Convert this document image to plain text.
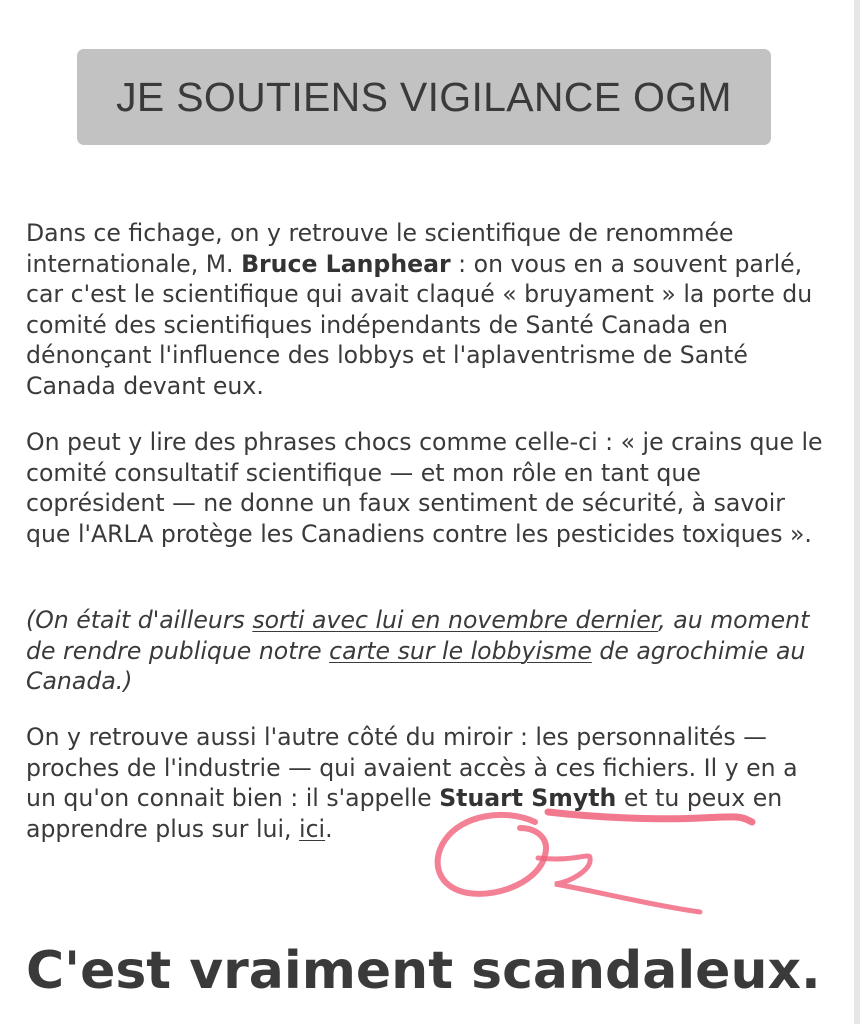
JE SOUTIENS VIGILANCE OGM

Dans ce fichage, on y retrouve le scientifique de renommée internationale, M. Bruce Lanphear : on vous en a souvent parlé, car c'est le scientifique qui avait claqué « bruyament » la porte du comité des scientifiques indépendants de Santé Canada en dénonçant l'influence des lobbys et l'aplaventrisme de Santé Canada devant eux.

On peut y lire des phrases chocs comme celle-ci : « je crains que le comité consultatif scientifique — et mon rôle en tant que coprésident — ne donne un faux sentiment de sécurité, à savoir que l'ARLA protège les Canadiens contre les pesticides toxiques ».

(On était d'ailleurs sorti avec lui en novembre dernier, au moment de rendre publique notre carte sur le lobbyisme de agrochimie au Canada.)

On y retrouve aussi l'autre côté du miroir : les personnalités — proches de l'industrie — qui avaient accès à ces fichiers. Il y en a un qu'on connait bien : il s'appelle Stuart Smyth et tu peux en apprendre plus sur lui, ici.

C'est vraiment scandaleux.
